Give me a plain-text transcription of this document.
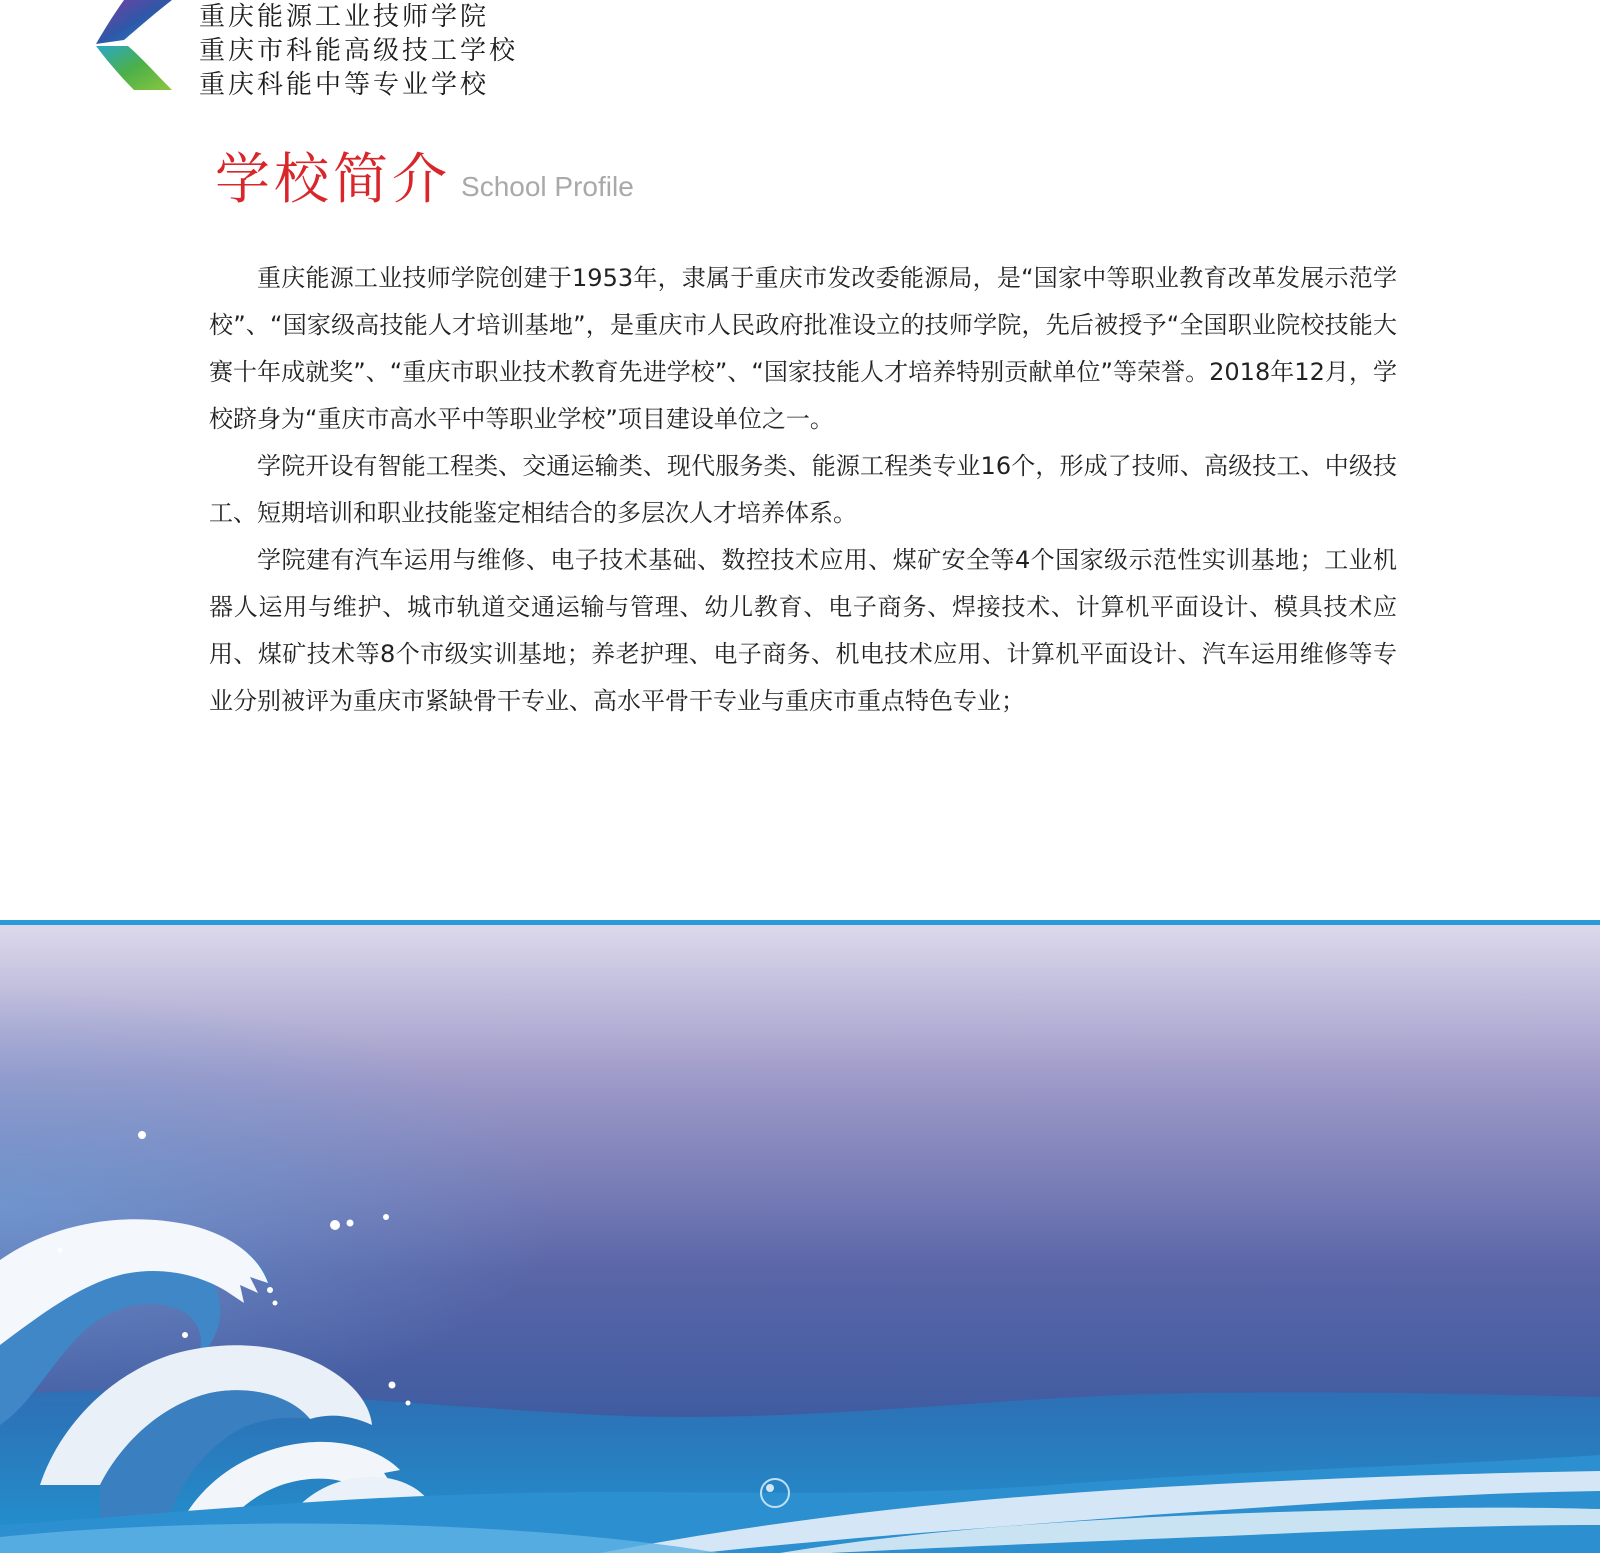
重庆能源工业技师学院
重庆市科能高级技工学校
重庆科能中等专业学校
学校简介 School Profile

重庆能源工业技师学院创建于1953年，隶属于重庆市发改委能源局，是“国家中等职业教育改革发展示范学校”、“国家级高技能人才培训基地”，是重庆市人民政府批准设立的技师学院，先后被授予“全国职业院校技能大赛十年成就奖”、“重庆市职业技术教育先进学校”、“国家技能人才培养特别贡献单位”等荣誉。2018年12月，学校跻身为“重庆市高水平中等职业学校”项目建设单位之一。

学院开设有智能工程类、交通运输类、现代服务类、能源工程类专业16个，形成了技师、高级技工、中级技工、短期培训和职业技能鉴定相结合的多层次人才培养体系。

学院建有汽车运用与维修、电子技术基础、数控技术应用、煤矿安全等4个国家级示范性实训基地；工业机器人运用与维护、城市轨道交通运输与管理、幼儿教育、电子商务、焊接技术、计算机平面设计、模具技术应用、煤矿技术等8个市级实训基地；养老护理、电子商务、机电技术应用、计算机平面设计、汽车运用维修等专业分别被评为重庆市紧缺骨干专业、高水平骨干专业与重庆市重点特色专业；
